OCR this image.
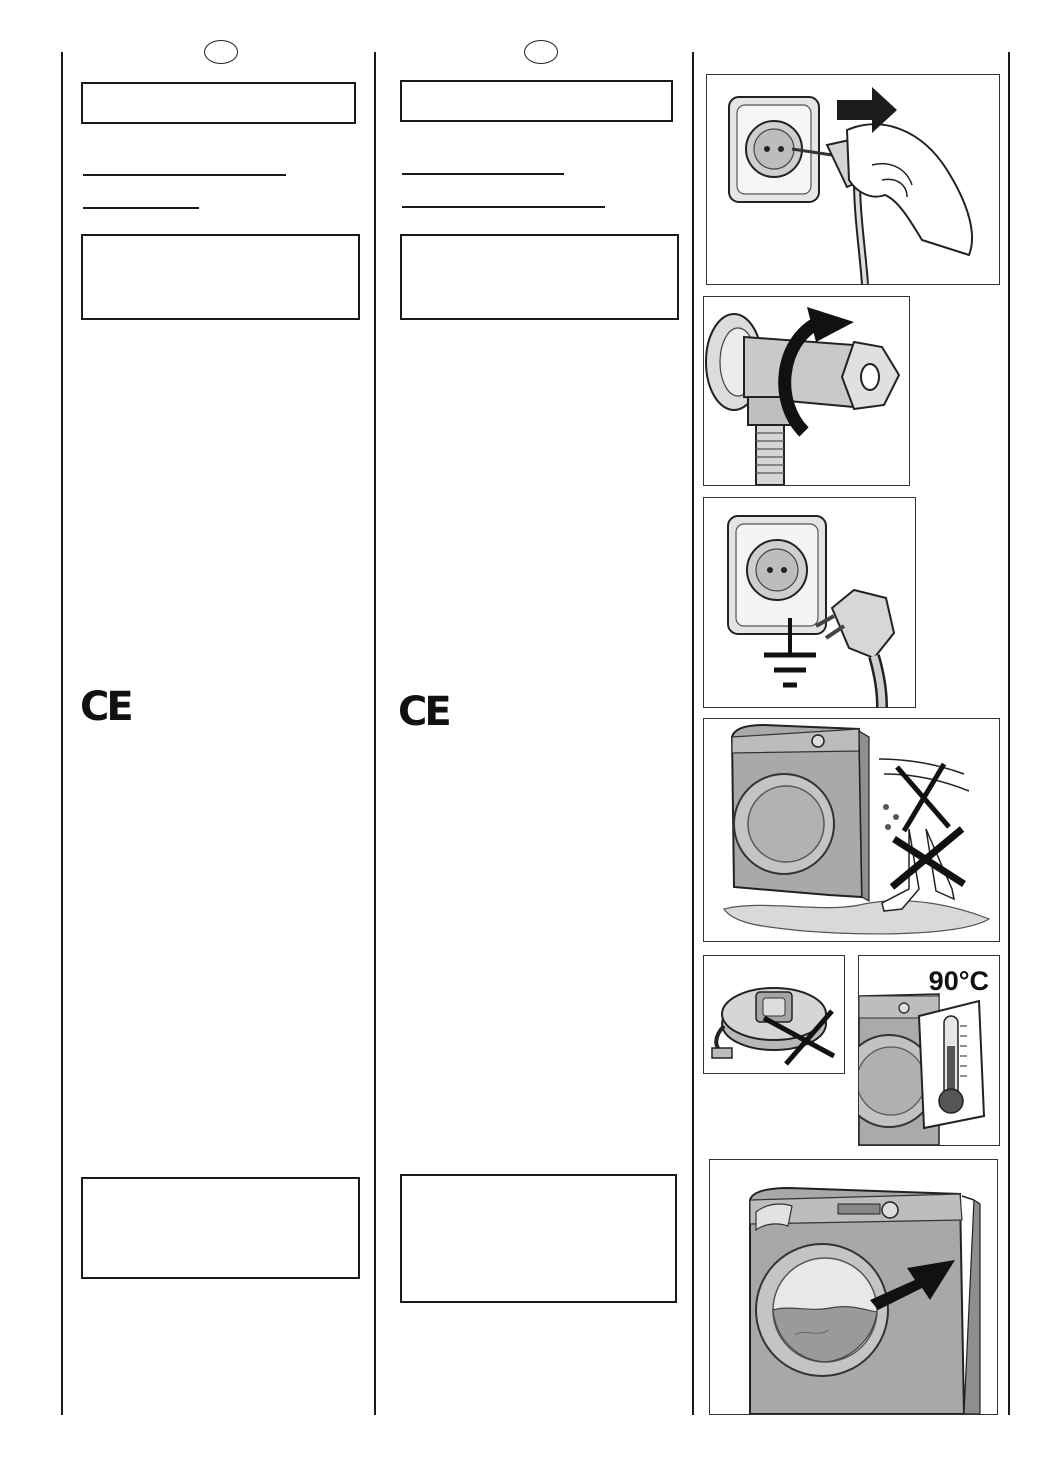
CE	CE
90°C
